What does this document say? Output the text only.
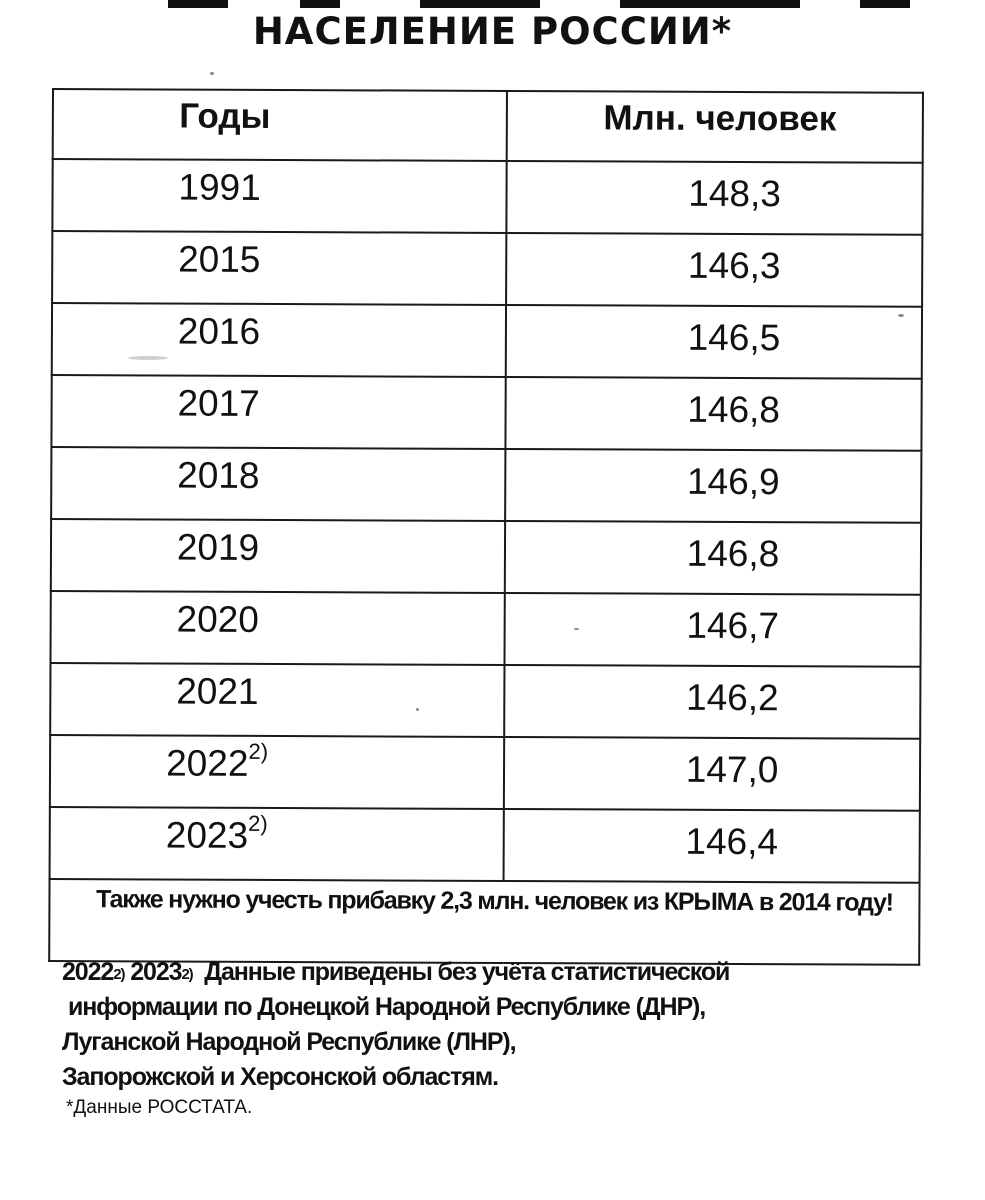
НАСЕЛЕНИЕ РОССИИ*
Годы	Млн. человек
1991	148,3
2015	146,3
2016	146,5
2017	146,8
2018	146,9
2019	146,8
2020	146,7
2021	146,2
2022$^{2)}$	147,0
2023$^{2)}$	146,4
Также нужно учесть прибавку 2,3 млн. человек из КРЫМА в 2014 году!	
2022$^{2)}$ 2023$^{2)}$ Данные приведены без учёта статистической
информации по Донецкой Народной Республике (ДНР),
Луганской Народной Республике (ЛНР),
Запорожской и Херсонской областям.
*Данные РОССТАТА.
